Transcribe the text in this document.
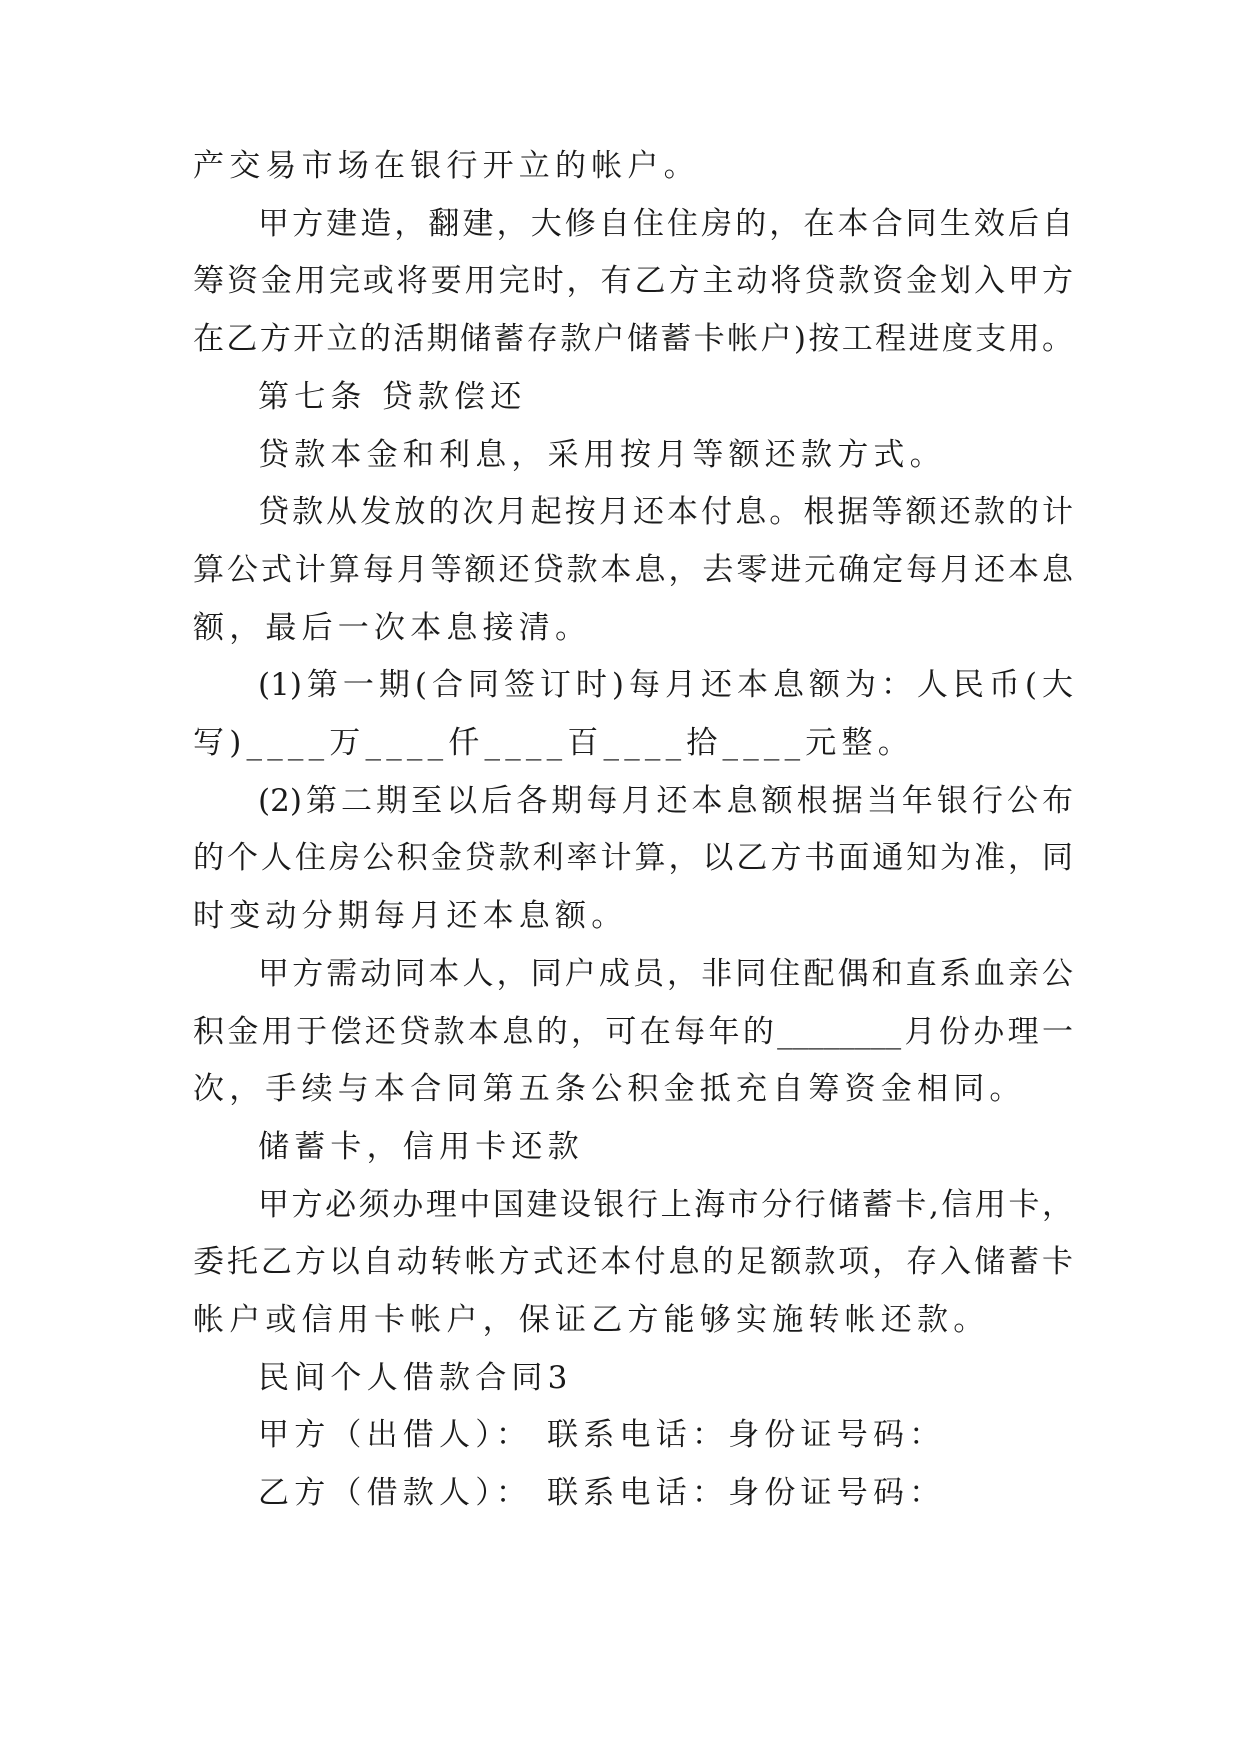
产交易市场在银行开立的帐户。
甲方建造，翻建，大修自住住房的，在本合同生效后自
筹资金用完或将要用完时，有乙方主动将贷款资金划入甲方
在乙方开立的活期储蓄存款户储蓄卡帐户)按工程进度支用。
第七条 贷款偿还
贷款本金和利息，采用按月等额还款方式。
贷款从发放的次月起按月还本付息。根据等额还款的计
算公式计算每月等额还贷款本息，去零进元确定每月还本息
额，最后一次本息接清。
(1)第一期(合同签订时)每月还本息额为：人民币(大
写)____万____仟____百____拾____元整。
(2)第二期至以后各期每月还本息额根据当年银行公布
的个人住房公积金贷款利率计算，以乙方书面通知为准，同
时变动分期每月还本息额。
甲方需动同本人，同户成员，非同住配偶和直系血亲公
积金用于偿还贷款本息的，可在每年的________月份办理一
次，手续与本合同第五条公积金抵充自筹资金相同。
储蓄卡，信用卡还款
甲方必须办理中国建设银行上海市分行储蓄卡,信用卡，
委托乙方以自动转帐方式还本付息的足额款项，存入储蓄卡
帐户或信用卡帐户，保证乙方能够实施转帐还款。
民间个人借款合同3
甲方（出借人）： 联系电话：身份证号码：
乙方（借款人）： 联系电话：身份证号码：
